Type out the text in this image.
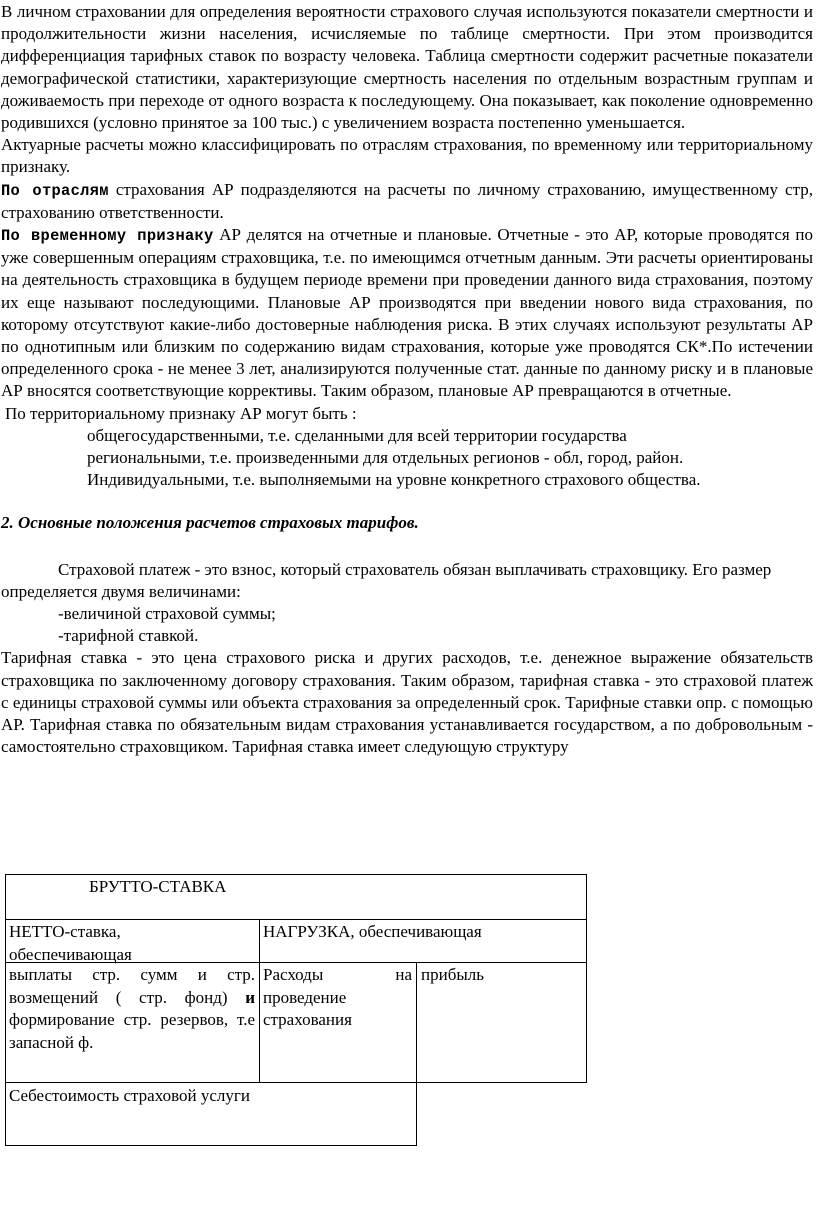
В личном страховании для определения вероятности страхового случая используются показатели смертности и продолжительности жизни населения, исчисляемые по таблице смертности. При этом производится дифференциация тарифных ставок по возрасту человека. Таблица смертности содержит расчетные показатели демографической статистики, характеризующие смертность населения по отдельным возрастным группам и доживаемость при переходе от одного возраста к последующему. Она показывает, как поколение одновременно родившихся (условно принятое за 100 тыс.) с увеличением возраста постепенно уменьшается.

Актуарные расчеты можно классифицировать по отраслям страхования, по временному или территориальному признаку.

По отраслям страхования АР подразделяются на расчеты по личному страхованию, имущественному стр, страхованию ответственности.

По временному признаку АР делятся на отчетные и плановые. Отчетные - это АР, которые проводятся по уже совершенным операциям страховщика, т.е. по имеющимся отчетным данным. Эти расчеты ориентированы на деятельность страховщика в будущем периоде времени при проведении данного вида страхования, поэтому их еще называют последующими. Плановые АР производятся при введении нового вида страхования, по которому отсутствуют какие-либо достоверные наблюдения риска. В этих случаях используют результаты АР по однотипным или близким по содержанию видам страхования, которые уже проводятся СК*.По истечении определенного срока - не менее 3 лет, анализируются полученные стат. данные по данному риску и в плановые АР вносятся соответствующие коррективы. Таким образом, плановые АР превращаются в отчетные.

По территориальному признаку АР могут быть :

общегосударственными, т.е. сделанными для всей территории государства

региональными, т.е. произведенными для отдельных регионов - обл, город, район.

Индивидуальными, т.е. выполняемыми на уровне конкретного страхового общества.

2. Основные положения расчетов страховых тарифов.

Страховой платеж - это взнос, который страхователь обязан выплачивать страховщику. Его размер определяется двумя величинами:

-величиной страховой суммы;

-тарифной ставкой.

Тарифная ставка - это цена страхового риска и других расходов, т.е. денежное выражение обязательств страховщика по заключенному договору страхования. Таким образом, тарифная ставка - это страховой платеж с единицы страховой суммы или объекта страхования за определенный срок. Тарифные ставки опр. с помощью АР. Тарифная ставка по обязательным видам страхования устанавливается государством, а по добровольным - самостоятельно страховщиком. Тарифная ставка имеет следующую структуру

БРУТТО-СТАВКА
НЕТТО-ставка, обеспечивающая
НАГРУЗКА, обеспечивающая
выплаты стр. сумм и стр. возмещений ( стр. фонд) и формирование стр. резервов, т.е запасной ф.
Расходы на проведение страхования
прибыль
Себестоимость страховой услуги
